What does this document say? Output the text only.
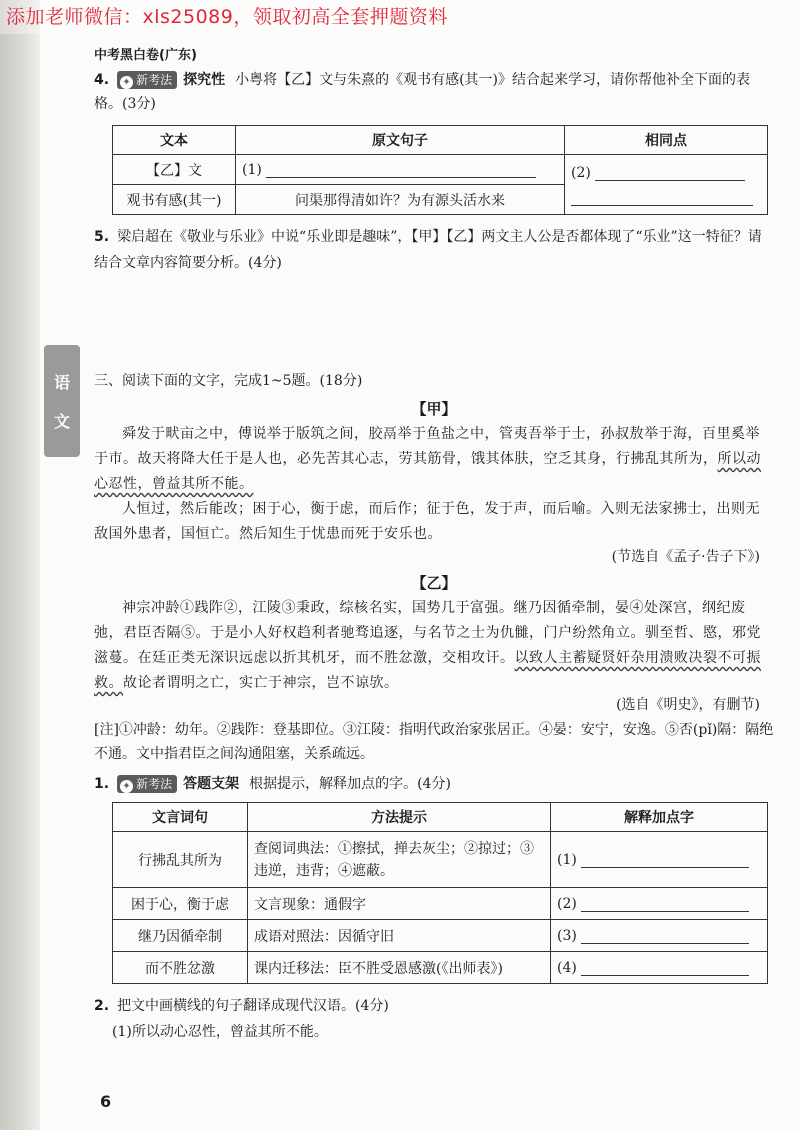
添加老师微信：xls25089，领取初高全套押题资料
语
文
中考黑白卷(广东)
4. ✦ 新考法 探究性 小粤将【乙】文与朱熹的《观书有感(其一)》结合起来学习，请你帮他补全下面的表格。(3分)
文本	原文句子	相同点
【乙】文	(1)	(2)

观书有感(其一)	问渠那得清如许？为有源头活水来	
5. 梁启超在《敬业与乐业》中说“乐业即是趣味”，【甲】【乙】两文主人公是否都体现了“乐业”这一特征？请结合文章内容简要分析。(4分)
三、阅读下面的文字，完成1~5题。(18分)
【甲】
舜发于畎亩之中，傅说举于版筑之间，胶鬲举于鱼盐之中，管夷吾举于士，孙叔敖举于海，百里奚举于市。故天将降大任于是人也，必先苦其心志，劳其筋骨，饿其体肤，空乏其身，行拂乱其所为，所以动心忍性，曾益其所不能。
人恒过，然后能改；困于心，衡于虑，而后作；征于色，发于声，而后喻。入则无法家拂士，出则无敌国外患者，国恒亡。然后知生于忧患而死于安乐也。
(节选自《孟子·告子下》)
【乙】
神宗冲龄①践阼②，江陵③秉政，综核名实，国势几于富强。继乃因循牵制，晏④处深宫，纲纪废弛，君臣否隔⑤。于是小人好权趋利者驰骛追逐，与名节之士为仇雠，门户纷然角立。驯至哲、愍，邪党滋蔓。在廷正类无深识远虑以折其机牙，而不胜忿激，交相攻讦。以致人主蓄疑贤奸杂用溃败决裂不可振救。故论者谓明之亡，实亡于神宗，岂不谅欤。
(选自《明史》，有删节)
[注]①冲龄：幼年。②践阼：登基即位。③江陵：指明代政治家张居正。④晏：安宁，安逸。⑤否(pǐ)隔：隔绝不通。文中指君臣之间沟通阻塞，关系疏远。
1. ✦ 新考法 答题支架 根据提示，解释加点的字。(4分)
文言词句	方法提示	解释加点字
行拂乱其所为	查阅词典法：①擦拭，掸去灰尘；②掠过；③违逆，违背；④遮蔽。	(1)
困于心，衡于虑	文言现象：通假字	(2)
继乃因循牵制	成语对照法：因循守旧	(3)
而不胜忿激	课内迁移法：臣不胜受恩感激(《出师表》)	(4)
2. 把文中画横线的句子翻译成现代汉语。(4分)
(1)所以动心忍性，曾益其所不能。
6
